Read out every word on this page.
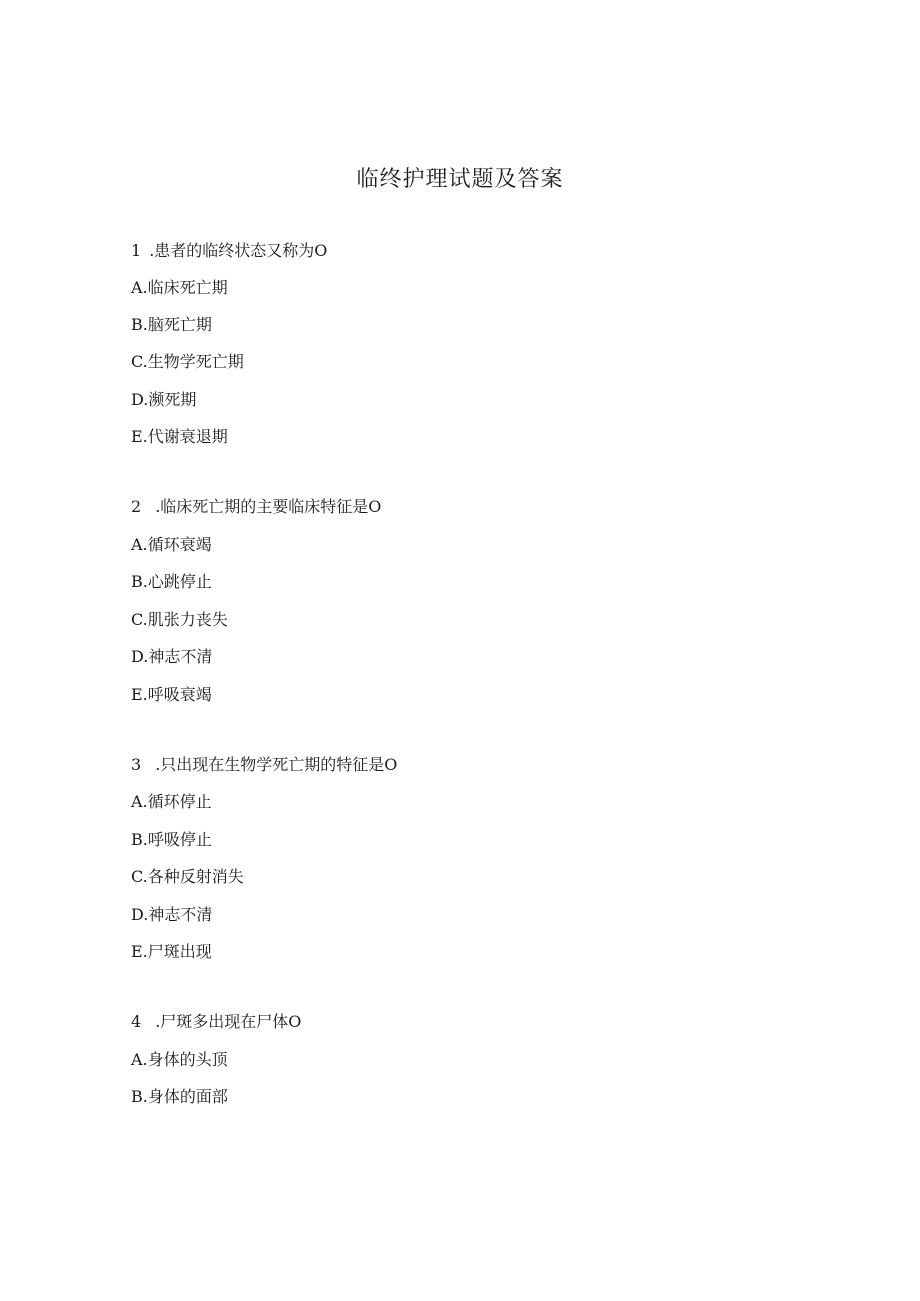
临终护理试题及答案
1 .患者的临终状态又称为O
A.临床死亡期
B.脑死亡期
C.生物学死亡期
D.濒死期
E.代谢衰退期
2 .临床死亡期的主要临床特征是O
A.循环衰竭
B.心跳停止
C.肌张力丧失
D.神志不清
E.呼吸衰竭
3 .只出现在生物学死亡期的特征是O
A.循环停止
B.呼吸停止
C.各种反射消失
D.神志不清
E.尸斑出现
4 .尸斑多出现在尸体O
A.身体的头顶
B.身体的面部
